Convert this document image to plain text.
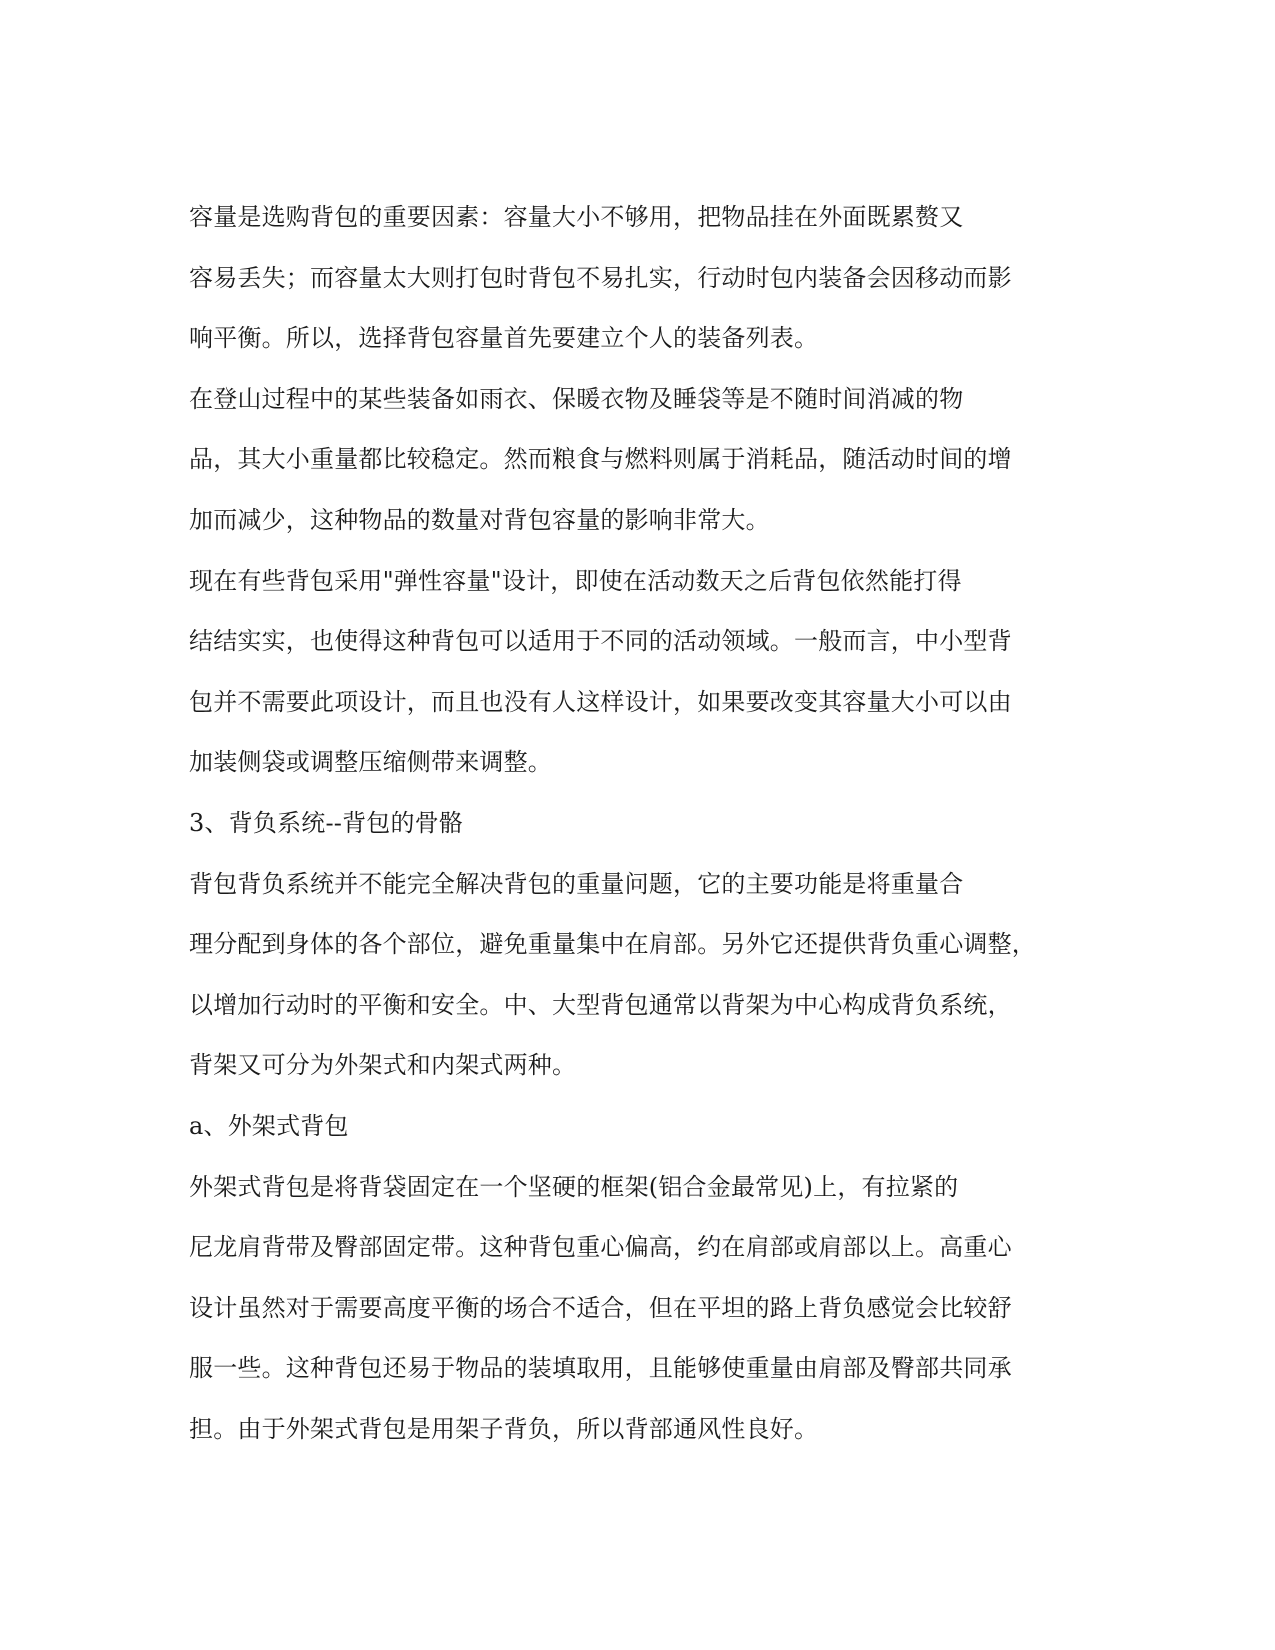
容量是选购背包的重要因素：容量大小不够用，把物品挂在外面既累赘又
容易丢失；而容量太大则打包时背包不易扎实，行动时包内装备会因移动而影
响平衡。所以，选择背包容量首先要建立个人的装备列表。
在登山过程中的某些装备如雨衣、保暖衣物及睡袋等是不随时间消减的物
品，其大小重量都比较稳定。然而粮食与燃料则属于消耗品，随活动时间的增
加而减少，这种物品的数量对背包容量的影响非常大。
现在有些背包采用"弹性容量"设计，即使在活动数天之后背包依然能打得
结结实实，也使得这种背包可以适用于不同的活动领域。一般而言，中小型背
包并不需要此项设计，而且也没有人这样设计，如果要改变其容量大小可以由
加装侧袋或调整压缩侧带来调整。
3、背负系统--背包的骨骼
背包背负系统并不能完全解决背包的重量问题，它的主要功能是将重量合
理分配到身体的各个部位，避免重量集中在肩部。另外它还提供背负重心调整，
以增加行动时的平衡和安全。中、大型背包通常以背架为中心构成背负系统，
背架又可分为外架式和内架式两种。
a、外架式背包
外架式背包是将背袋固定在一个坚硬的框架(铝合金最常见)上，有拉紧的
尼龙肩背带及臀部固定带。这种背包重心偏高，约在肩部或肩部以上。高重心
设计虽然对于需要高度平衡的场合不适合，但在平坦的路上背负感觉会比较舒
服一些。这种背包还易于物品的装填取用，且能够使重量由肩部及臀部共同承
担。由于外架式背包是用架子背负，所以背部通风性良好。
